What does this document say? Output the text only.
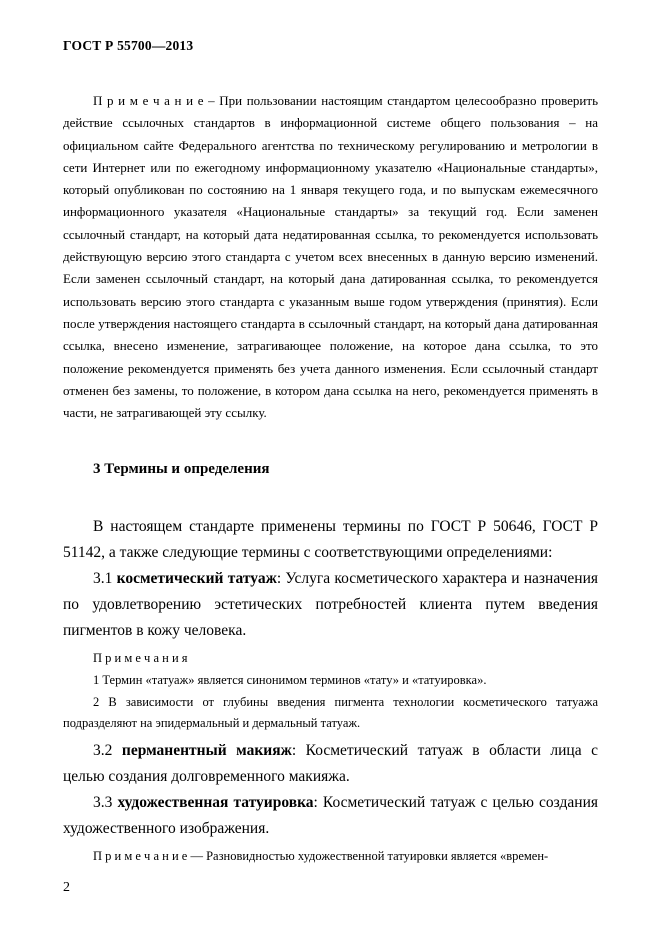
ГОСТ Р 55700—2013

П р и м е ч а н и е – При пользовании настоящим стандартом целесообразно проверить действие ссылочных стандартов в информационной системе общего пользования – на официальном сайте Федерального агентства по техническому регулированию и метрологии в сети Интернет или по ежегодному информационному указателю «Национальные стандарты», который опубликован по состоянию на 1 января текущего года, и по выпускам ежемесячного информационного указателя «Национальные стандарты» за текущий год. Если заменен ссылочный стандарт, на который дата недатированная ссылка, то рекомендуется использовать действующую версию этого стандарта с учетом всех внесенных в данную версию изменений. Если заменен ссылочный стандарт, на который дана датированная ссылка, то рекомендуется использовать версию этого стандарта с указанным выше годом утверждения (принятия). Если после утверждения настоящего стандарта в ссылочный стандарт, на который дана датированная ссылка, внесено изменение, затрагивающее положение, на которое дана ссылка, то это положение рекомендуется применять без учета данного изменения. Если ссылочный стандарт отменен без замены, то положение, в котором дана ссылка на него, рекомендуется применять в части, не затрагивающей эту ссылку.

3 Термины и определения

В настоящем стандарте применены термины по ГОСТ Р 50646, ГОСТ Р 51142, а также следующие термины с соответствующими определениями:

3.1 косметический татуаж: Услуга косметического характера и назначения по удовлетворению эстетических потребностей клиента путем введения пигментов в кожу человека.

П р и м е ч а н и я

1 Термин «татуаж» является синонимом терминов «тату» и «татуировка».

2 В зависимости от глубины введения пигмента технологии косметического татуажа подразделяют на эпидермальный и дермальный татуаж.

3.2 перманентный макияж: Косметический татуаж в области лица с целью создания долговременного макияжа.

3.3 художественная татуировка: Косметический татуаж с целью создания художественного изображения.

П р и м е ч а н и е — Разновидностью художественной татуировки является «времен-

2
